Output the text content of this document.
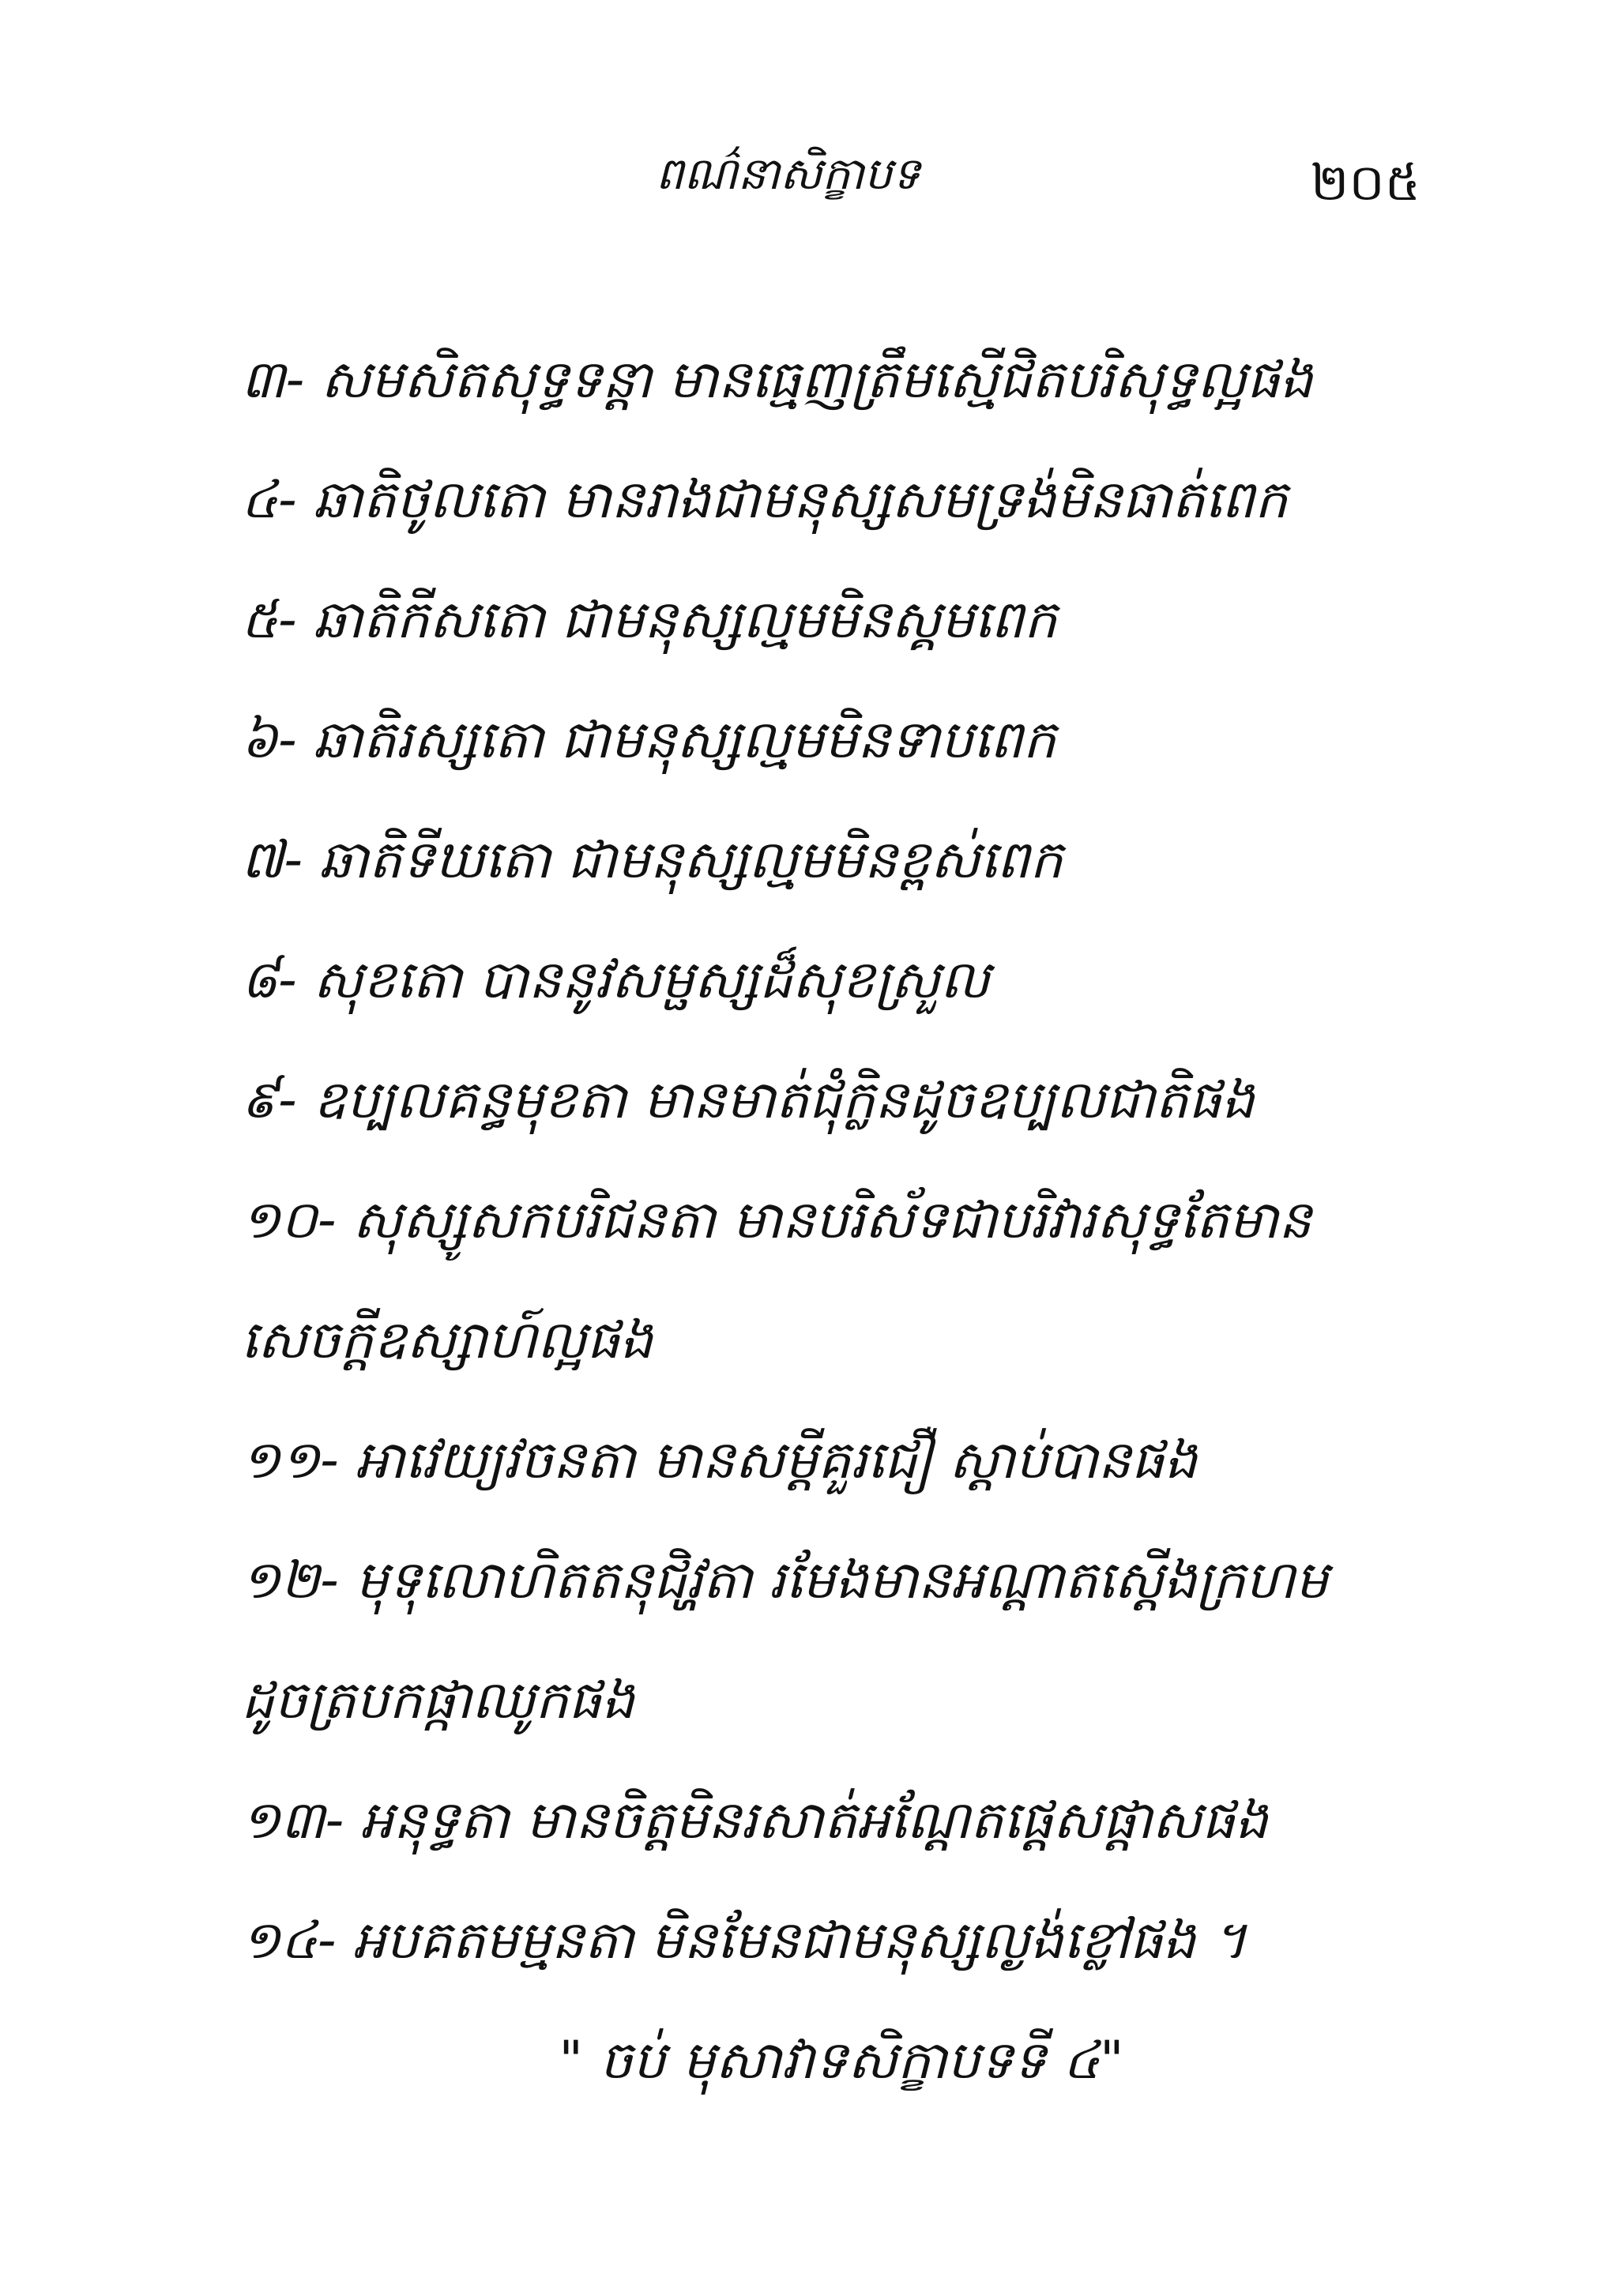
ពណ៌នាសិក្ខាបទ	២០៥
៣- សមសិតសុទ្ធទន្តា មានធ្មេញត្រឹមស្មើជិតបរិសុទ្ធល្អផង
៤- ឆាតិថូលតោ មានរាងជាមនុស្សសមទ្រង់មិនធាត់ពេក
៥- ឆាតិកីសតោ ជាមនុស្សល្មមមិនស្គមពេក
៦- ឆាតិរស្សតោ ជាមនុស្សល្មមមិនទាបពេក
៧- ឆាតិទីឃតោ ជាមនុស្សល្មមមិនខ្ពស់ពេក
៨- សុខតោ បាននូវសម្ផស្សដ៏សុខស្រួល
៩- ឧប្បលគន្ធមុខតា មានមាត់ជុំក្លិនដូចឧប្បលជាតិផង
១០- សុស្សូសកបរិជនតា មានបរិស័ទជាបរិវារសុទ្ធតែមាន
សេចក្តីឧស្សាហ៍ល្អផង
១១- អាវេយ្យវចនតា មានសម្តីគួរជឿ ស្តាប់បានផង
១២- មុទុលោហិតតនុជិវ្ហតា រមែងមានអណ្តាតស្តើងក្រហម
ដូចត្របកផ្កាឈូកផង
១៣- អនុទ្ធតា មានចិត្តមិនរសាត់អណ្តែតផ្តេសផ្តាសផង
១៤- អបគតមម្មនតា មិនមែនជាមនុស្សល្ងង់ខ្លៅផង ។
" ចប់ មុសាវាទសិក្ខាបទទី ៤"
